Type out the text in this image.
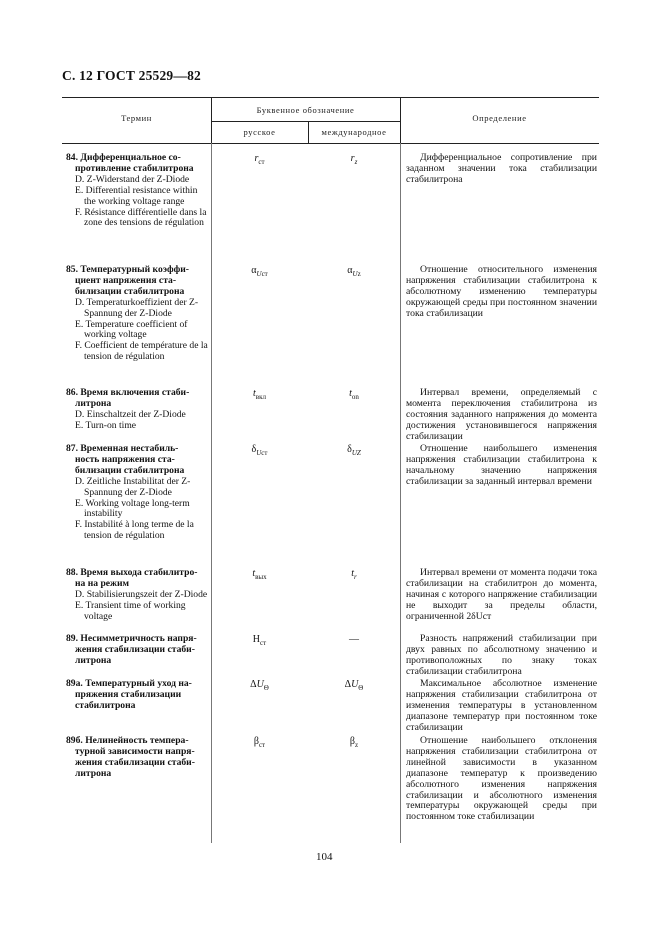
С. 12 ГОСТ 25529—82
Термин
Буквенное обозначение
русское	международное
Определение
84. Дифференциальное со-
противление стабилитрона
D. Z-Widerstand der Z-Diode
E. Differential resistance within the working voltage range
F. Résistance différentielle dans la zone des tensions de régulation
$r_{ст}$	$r_z$	Дифференциальное сопротивление при заданном значении тока стабилизации стабилитрона
85. Температурный коэффи-
циент напряжения ста-
билизации стабилитрона
D. Temperaturkoeffizient der Z-Spannung der Z-Diode
E. Temperature coefficient of working voltage
F. Coefficient de température de la tension de régulation
$\alpha_{Uст}$	$\alpha_{Uz}$	Отношение относительного изменения напряжения стабилизации стабилитрона к абсолютному изменению температуры окружающей среды при постоянном значении тока стабилизации
86. Время включения стаби-
литрона
D. Einschaltzeit der Z-Diode
E. Turn-on time
$t_{вкл}$	$t_{on}$	Интервал времени, определяемый с момента переключения стабилитрона из состояния заданного напряжения до момента достижения установившегося напряжения стабилизации
87. Временная нестабиль-
ность напряжения ста-
билизации стабилитрона
D. Zeitliche Instabilitat der Z-Spannung der Z-Diode
E. Working voltage long-term instability
F. Instabilité à long terme de la tension de régulation
$\delta_{Uст}$	$\delta_{UZ}$	Отношение наибольшего изменения напряжения стабилизации стабилитрона к начальному значению напряжения стабилизации за заданный интервал времени
88. Время выхода стабилитро-
на на режим
D. Stabilisierungszeit der Z-Diode
E. Transient time of working voltage
$t_{вых}$	$t_r$	Интервал времени от момента подачи тока стабилизации на стабилитрон до момента, начиная с которого напряжение стабилизации не выходит за пределы области, ограниченной 2δUст
89. Несимметричность напря-
жения стабилизации стаби-
литрона
$H_{ст}$	—	Разность напряжений стабилизации при двух равных по абсолютному значению и противоположных по знаку токах стабилизации стабилитрона
89а. Температурный уход на-
пряжения стабилизации
стабилитрона
$\Delta U_\Theta$	$\Delta U_\Theta$	Максимальное абсолютное изменение напряжения стабилизации стабилитрона от изменения температуры в установленном диапазоне температур при постоянном токе стабилизации
89б. Нелинейность темпера-
турной зависимости напря-
жения стабилизации стаби-
литрона
$\beta_{ст}$	$\beta_z$	Отношение наибольшего отклонения напряжения стабилизации стабилитрона от линейной зависимости в указанном диапазоне температур к произведению абсолютного изменения напряжения стабилизации и абсолютного изменения температуры окружающей среды при постоянном токе стабилизации
104
